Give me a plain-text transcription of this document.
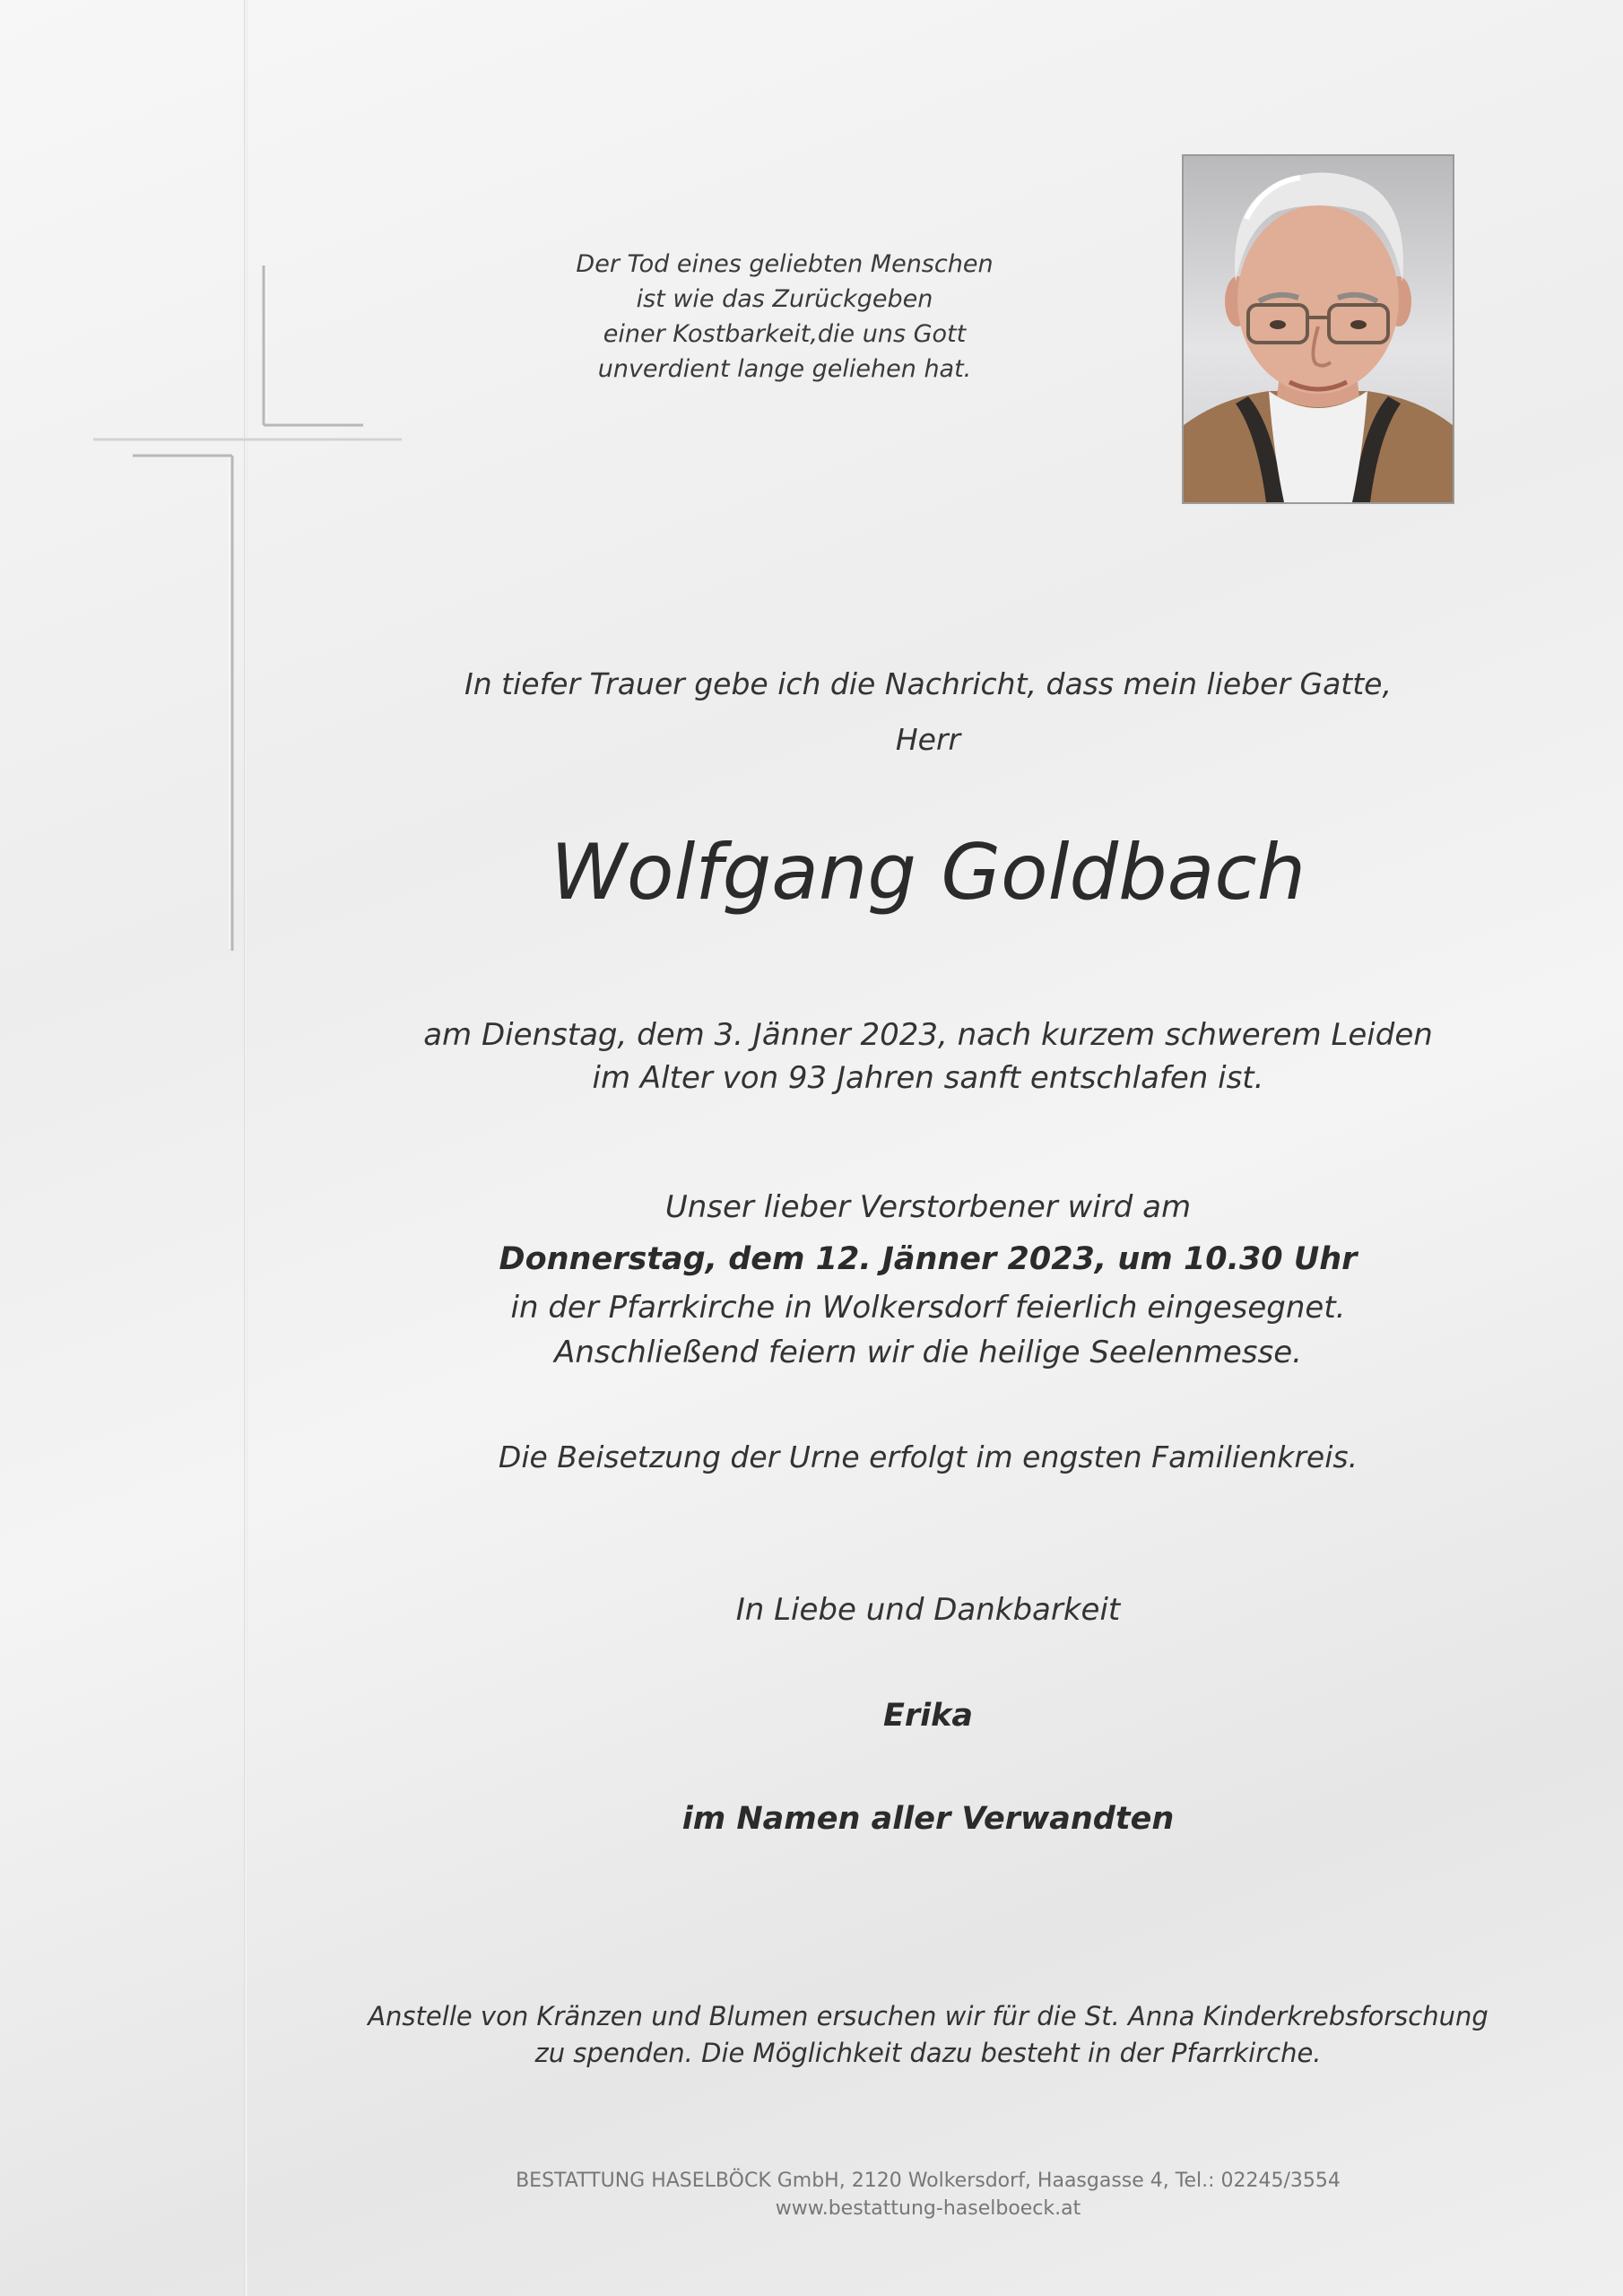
Der Tod eines geliebten Menschen
ist wie das Zurückgeben
einer Kostbarkeit,die uns Gott
unverdient lange geliehen hat.
In tiefer Trauer gebe ich die Nachricht, dass mein lieber Gatte,
Herr
Wolfgang Goldbach
am Dienstag, dem 3. Jänner 2023, nach kurzem schwerem Leiden
im Alter von 93 Jahren sanft entschlafen ist.
Unser lieber Verstorbener wird am
Donnerstag, dem 12. Jänner 2023, um 10.30 Uhr
in der Pfarrkirche in Wolkersdorf feierlich eingesegnet.
Anschließend feiern wir die heilige Seelenmesse.
Die Beisetzung der Urne erfolgt im engsten Familienkreis.
In Liebe und Dankbarkeit
Erika
im Namen aller Verwandten
Anstelle von Kränzen und Blumen ersuchen wir für die St. Anna Kinderkrebsforschung
zu spenden. Die Möglichkeit dazu besteht in der Pfarrkirche.
BESTATTUNG HASELBÖCK GmbH, 2120 Wolkersdorf, Haasgasse 4, Tel.: 02245/3554
www.bestattung-haselboeck.at
